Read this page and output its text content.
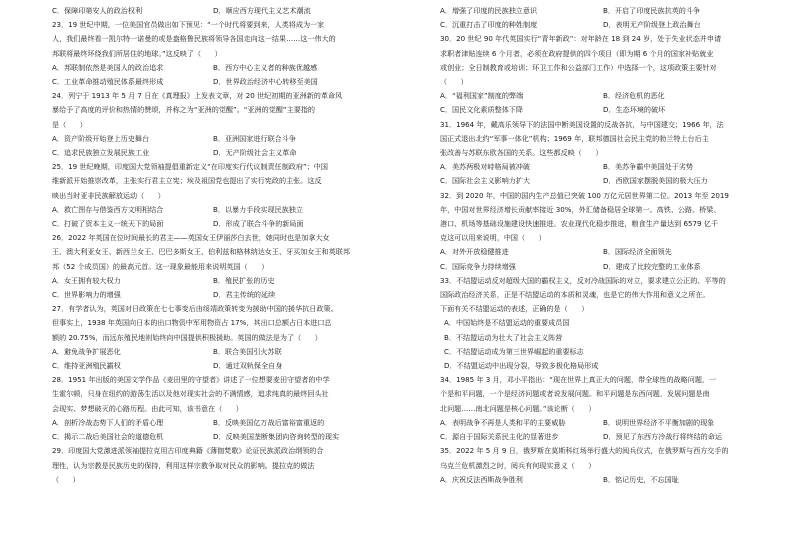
C．保障印第安人的政治权利	D．顺应西方现代主义艺术潮流
23．19 世纪中期，一位美国官员做出如下预见：“一个时代将要到来，人类将成为一家
人，我们最终看一凯尔特一诺曼的或是盎格鲁民族将领导各国走向这一结果……这一伟大的
邦联将最终环绕我们所居住的地球。”这反映了（      ）
A．邦联制依然是美国人的政治追求	B．西方中心主义者的种族优越感
C．工业革命推动殖民体系最终形成	D．世界政治经济中心转移至美国
24．列宁于 1913 年 5 月 7 日在《真理报》上发表文章，对 20 世纪初期的亚洲新的革命风
暴给予了高度的评价和热情的赞颂，并称之为“亚洲的觉醒”。“亚洲的觉醒”主要指的
是（      ）
A．资产阶级开始登上历史舞台	B．亚洲国家进行联合斗争
C．追求民族独立发展民族工业	D．无产阶级社会主义革命
25．19 世纪晚期，印度国大党领袖提倡重新定义“在印度实行代议制责任制政府”；中国
维新派开始推崇改革，主张实行君主立宪；埃及祖国党也提出了实行宪政的主张。这反
映出当时亚非民族解放运动（      ）
A．救亡图存与借鉴西方文明相结合	B．以暴力手段实现民族独立
C．打破了资本主义一统天下的局面	D．形成了联合斗争的新局面
26．2022 年英国在位时间最长的君主——英国女王伊丽莎白去世，她同时也是加拿大女
王、澳大利亚女王、新西兰女王、巴巴多斯女王、伯利兹和格林纳达女王、牙买加女王和英联邦
邦（52 个成员国）的最高元首。这一现象最能用来说明英国（      ）
A．女王拥有较大权力	B．殖民扩张的历史
C．世界影响力的增强	D．君主传统的延续
27．有学者认为，英国对日政策在七七事变后由绥靖政策转变为援助中国的援华抗日政策。
但事实上，1938 年英国向日本的出口物资中军用物资占 17%，其出口总额占日本进口总
额的 20.75%，而远东殖民地则始终向中国提供积极援助。英国的做法是为了（      ）
A．避免战争扩展恶化	B．联合美国引火苏联
C．维持亚洲殖民霸权	D．通过双轨保全自身
28．1951 年出版的美国文学作品《麦田里的守望者》讲述了一位想要麦田守望者的中学
生霍尔顿，只身在纽约的游荡生活以及他对现实社会的不满情感，追求纯真的最终回头社
会现实、梦想破灭的心路历程。由此可知，该书意在（      ）
A．剖析冷战态势下人们的矛盾心理	B．反映美国亿万战后富裕富重返的
C．揭示二战后美国社会的道德危机	D．反映美国垄断集团向咨询转型的现实
29．印度国大党激进派领袖提拉克用古印度典籍《薄伽梵歌》论证民族派政治纲领的合
理性，认为宗教是民族历史的保持，利用这样宗教争取对民众的影响。提拉克的做法
（      ）
A．增强了印度的民族独立意识	B．开启了印度民族抗英的斗争
C．沉重打击了印度的种姓制度	D．表明无产阶级登上政治舞台
30．20 世纪 90 年代英国实行“青年新政”：对年龄在 18 到 24 岁，处于失业状态并申请
求职者津贴连续 6 个月者，必须在政府提供的四个项目（即为期 6 个月的国家补贴就业
或创业；全日制教育或培训；环卫工作和公益部门工作）中选择一个，这项政策主要针对
（      ）
A．“福利国家”制度的弊端	B．经济危机的恶化
C．国民文化素质整体下降	D．生态环境的破坏
31．1964 年，戴高乐领导下的法国中断美国设置的反战各抗，与中国建交；1966 年，法
国正式退出北约“军事一体化”机构；1969 年，联邦德国社会民主党的勃兰特上台后主
张改善与苏联东欧各国的关系。这些都反映（      ）
A．美苏两极对峙格局被冲破	B．美苏争霸中美国处于劣势
C．国际社会主义影响力扩大	D．西欧国家摆脱美国的极大压力
32．到 2020 年，中国的国内生产总值已突破 100 万亿元居世界第二位。2013 年至 2019
年，中国对世界经济增长贡献率接近 30%，外汇储备稳居全球第一。高铁、公路、桥梁、
港口、机场等基础设施建设快速推进。农业现代化稳步推进，粮食生产量达到 6579 亿千
克这可以用来说明，中国（      ）
A．对外开放稳健推进	B．国际经济全面领先
C．国际竞争力持续增强	D．建成了比较完整的工业体系
33．不结盟运动反对超级大国的霸权主义，反对冷战国际的对立，要求建立公正的、平等的
国际政治经济关系，正是不结盟运动的本质和灵魂，也是它的伟大作用和意义之所在。
下面有关不结盟运动的表述，正确的是（      ）
A．中国始终是不结盟运动的重要成员国
B．不结盟运动为壮大了社会主义阵营
C．不结盟运动成为第三世界崛起的重要标志
D．不结盟运动中出现分裂，导致多极化格局形成
34．1985 年 3 月，邓小平指出：“现在世界上真正大的问题，带全球性的战略问题，一
个是和平问题，一个是经济问题或者说发展问题。和平问题是东西问题，发展问题是南
北问题……南北问题是核心问题。”该论断（      ）
A．表明战争不再是人类和平的主要威胁	B．说明世界经济不平衡加剧的现象
C．源自于国际关系民主化的显著进步	D．预见了东西方冷战行将终结的命运
35．2022 年 5 月 9 日，俄罗斯在莫斯科红场举行盛大的阅兵仪式，在俄罗斯与西方交手的
乌克兰危机激烈之时，阅兵有何现实意义（      ）
A．庆祝反法西斯战争胜利	B．铭记历史，不忘国耻
